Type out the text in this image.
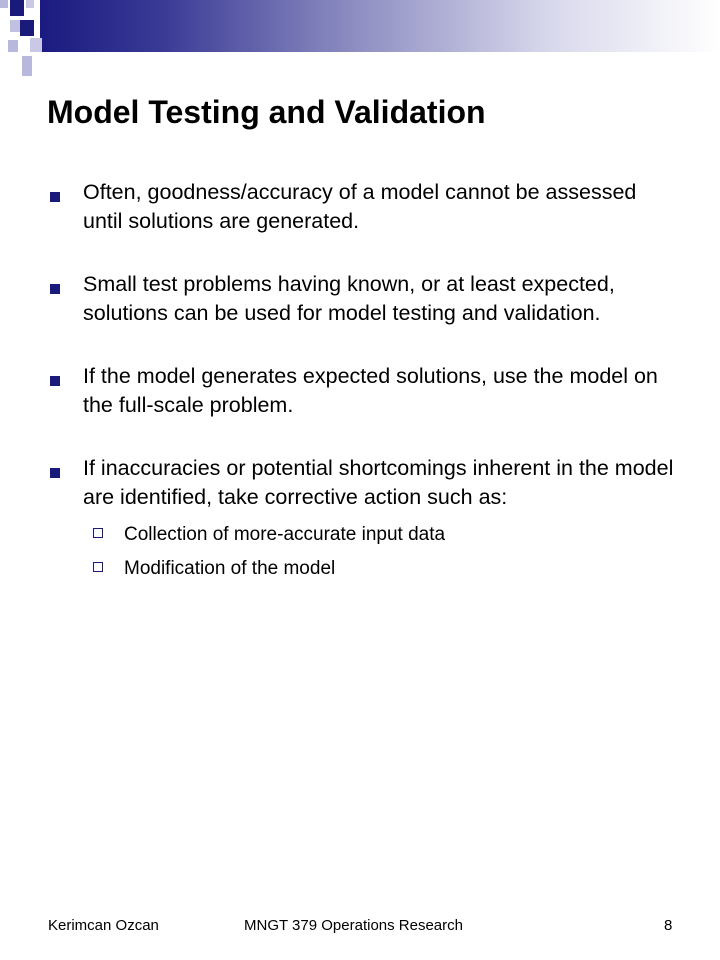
Model Testing and Validation
Often, goodness/accuracy of a model cannot be assessed until solutions are generated.
Small test problems having known, or at least expected, solutions can be used for model testing and validation.
If the model generates expected solutions, use the model on the full-scale problem.
If inaccuracies or potential shortcomings inherent in the model are identified, take corrective action such as:
Collection of more-accurate input data
Modification of the model
Kerimcan Ozcan	MNGT 379 Operations Research	8
